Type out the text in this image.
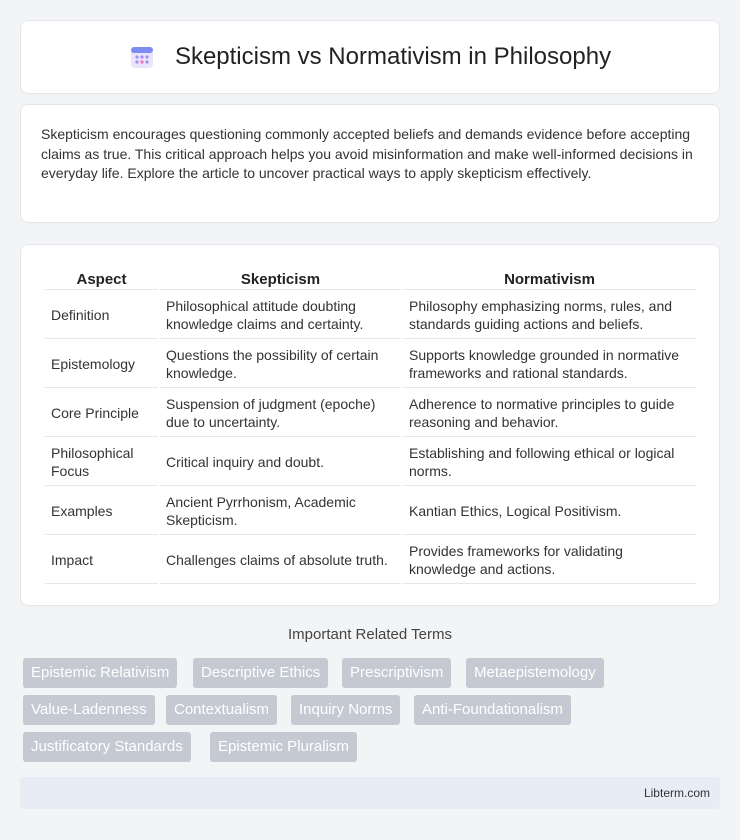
Skepticism vs Normativism in Philosophy

Skepticism encourages questioning commonly accepted beliefs and demands evidence before accepting claims as true. This critical approach helps you avoid misinformation and make well-informed decisions in everyday life. Explore the article to uncover practical ways to apply skepticism effectively.

Aspect	Skepticism	Normativism
Definition	Philosophical attitude doubting knowledge claims and certainty.	Philosophy emphasizing norms, rules, and standards guiding actions and beliefs.
Epistemology	Questions the possibility of certain knowledge.	Supports knowledge grounded in normative frameworks and rational standards.
Core Principle	Suspension of judgment (epoche) due to uncertainty.	Adherence to normative principles to guide reasoning and behavior.
Philosophical Focus	Critical inquiry and doubt.	Establishing and following ethical or logical norms.
Examples	Ancient Pyrrhonism, Academic Skepticism.	Kantian Ethics, Logical Positivism.
Impact	Challenges claims of absolute truth.	Provides frameworks for validating knowledge and actions.
Important Related Terms
Epistemic Relativism	Descriptive Ethics	Prescriptivism	Metaepistemology
Value-Ladenness	Contextualism	Inquiry Norms	Anti-Foundationalism
Justificatory Standards	Epistemic Pluralism
Libterm.com
